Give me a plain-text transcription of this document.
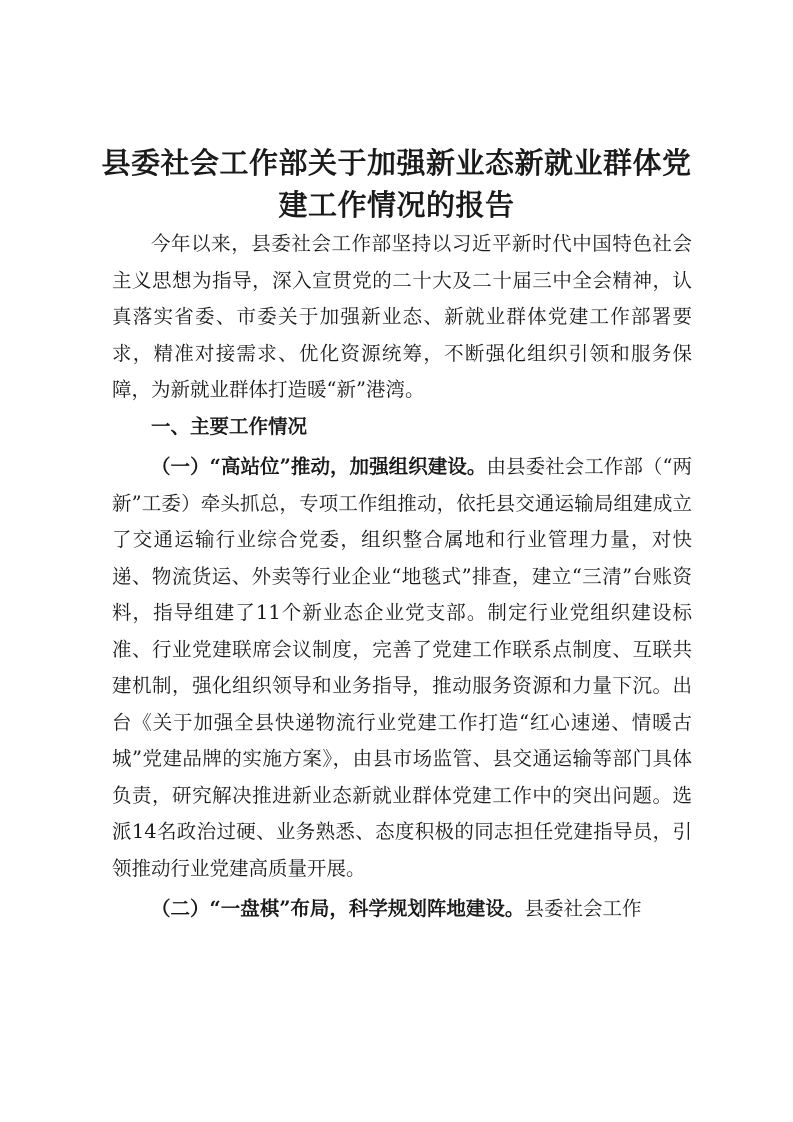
县委社会工作部关于加强新业态新就业群体党
建工作情况的报告

今年以来，县委社会工作部坚持以习近平新时代中国特色社会主义思想为指导，深入宣贯党的二十大及二十届三中全会精神，认真落实省委、市委关于加强新业态、新就业群体党建工作部署要求，精准对接需求、优化资源统筹，不断强化组织引领和服务保障，为新就业群体打造暖“新”港湾。

一、主要工作情况

（一）“高站位”推动，加强组织建设。由县委社会工作部（“两新”工委）牵头抓总，专项工作组推动，依托县交通运输局组建成立了交通运输行业综合党委，组织整合属地和行业管理力量，对快递、物流货运、外卖等行业企业“地毯式”排查，建立“三清”台账资料，指导组建了11个新业态企业党支部。制定行业党组织建设标准、行业党建联席会议制度，完善了党建工作联系点制度、互联共建机制，强化组织领导和业务指导，推动服务资源和力量下沉。出台《关于加强全县快递物流行业党建工作打造“红心速递、情暖古城”党建品牌的实施方案》，由县市场监管、县交通运输等部门具体负责，研究解决推进新业态新就业群体党建工作中的突出问题。选派14名政治过硬、业务熟悉、态度积极的同志担任党建指导员，引领推动行业党建高质量开展。

（二）“一盘棋”布局，科学规划阵地建设。县委社会工作
